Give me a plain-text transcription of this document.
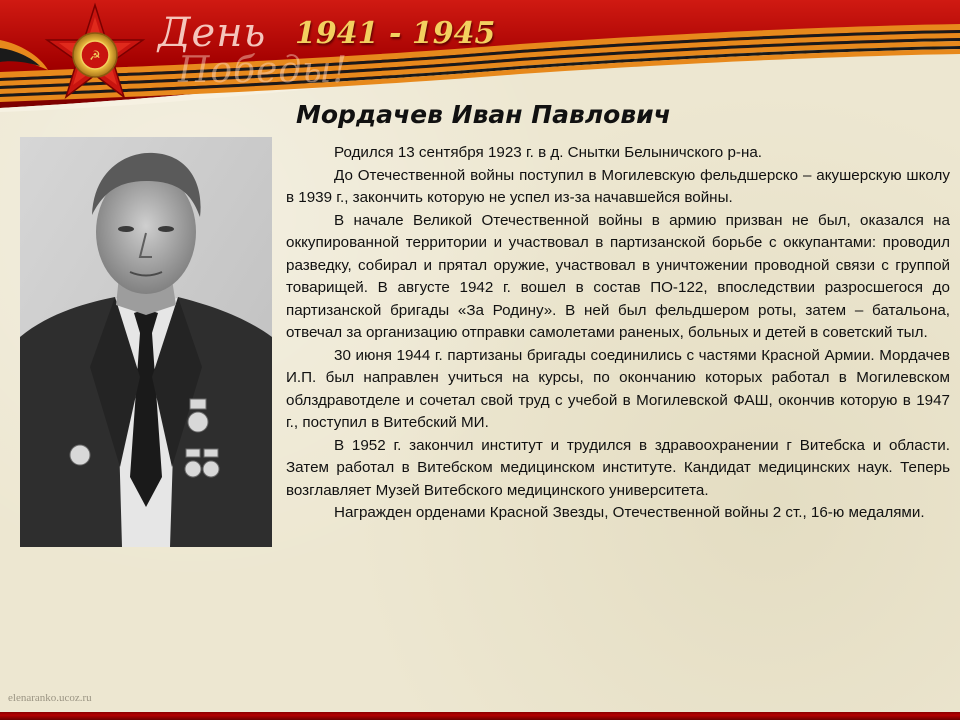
☭
День
Победы!
1941 - 1945
Мордачев Иван Павлович

Родился 13 сентября 1923 г. в д. Снытки Белыничского р-на.

До Отечественной войны поступил в Могилевскую фельдшерско – акушерскую школу в 1939 г., закончить которую не успел из-за начавшейся войны.

В начале Великой Отечественной войны в армию призван не был, оказался на оккупированной территории и участвовал в партизанской борьбе с оккупантами: проводил разведку, собирал и прятал оружие, участвовал в уничтожении проводной связи с группой товарищей. В августе 1942 г. вошел в состав ПО-122, впоследствии разросшегося до партизанской бригады «За Родину». В ней был фельдшером роты, затем – батальона, отвечал за организацию отправки самолетами раненых, больных и детей в советский тыл.

30 июня 1944 г. партизаны бригады соединились с частями Красной Армии. Мордачев И.П. был направлен учиться на курсы, по окончанию которых работал в Могилевском облздравотделе и сочетал свой труд с учебой в Могилевской ФАШ, окончив которую в 1947 г., поступил в Витебский МИ.

В 1952 г. закончил институт и трудился в здравоохранении г Витебска и области. Затем работал в Витебском медицинском институте. Кандидат медицинских наук. Теперь возглавляет Музей Витебского медицинского университета.

Награжден орденами Красной Звезды, Отечественной войны 2 ст., 16-ю медалями.

elenaranko.ucoz.ru
